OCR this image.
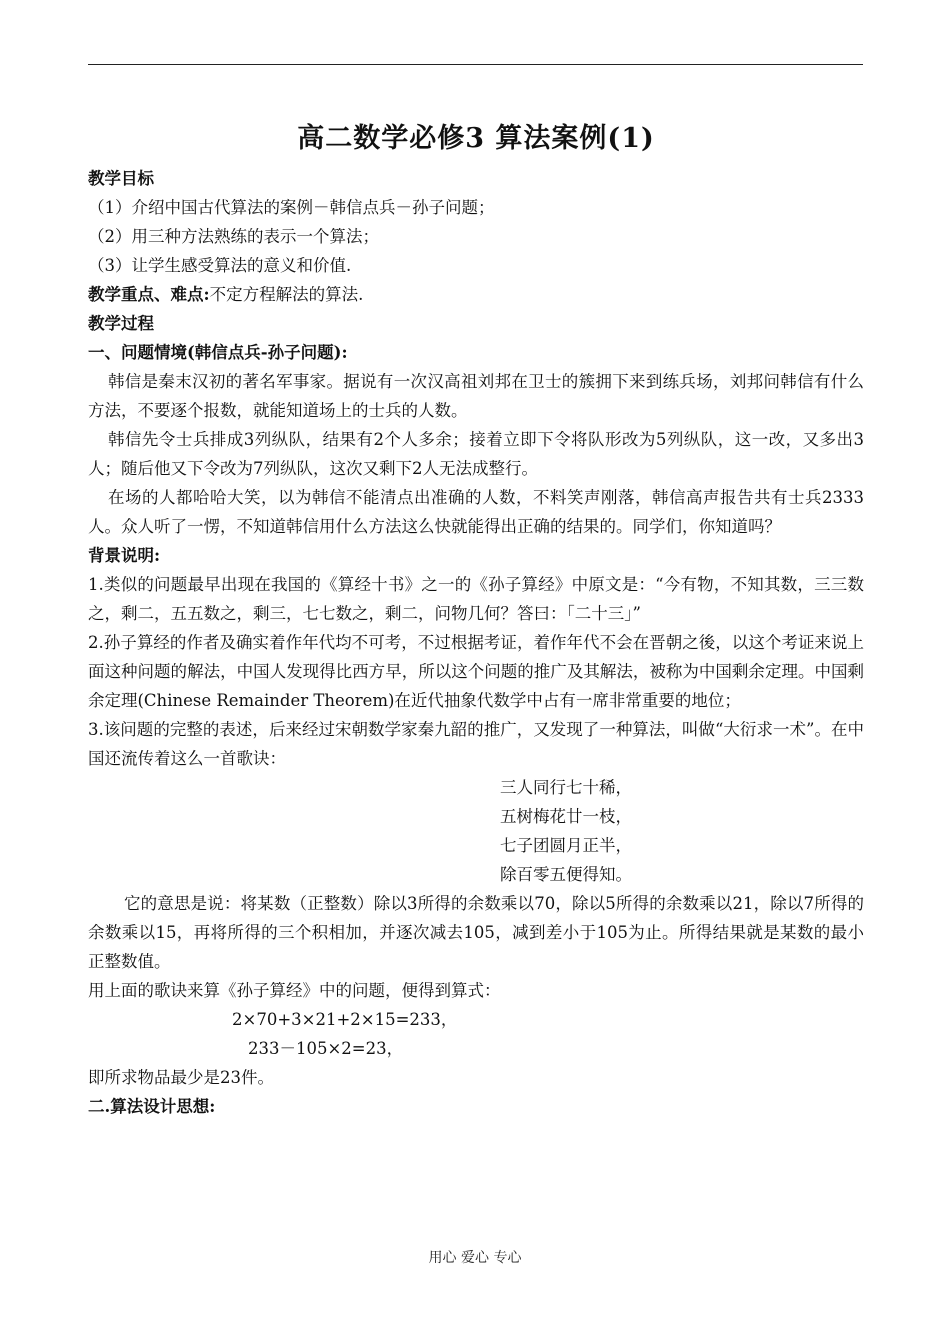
高二数学必修3 算法案例(1)

教学目标

（1）介绍中国古代算法的案例－韩信点兵－孙子问题；

（2）用三种方法熟练的表示一个算法；

（3）让学生感受算法的意义和价值.

教学重点、难点:不定方程解法的算法.

教学过程

一、问题情境(韩信点兵-孙子问题):

韩信是秦末汉初的著名军事家。据说有一次汉高祖刘邦在卫士的簇拥下来到练兵场，刘邦问韩信有什么方法，不要逐个报数，就能知道场上的士兵的人数。

韩信先令士兵排成3列纵队，结果有2个人多余；接着立即下令将队形改为5列纵队，这一改，又多出3人；随后他又下令改为7列纵队，这次又剩下2人无法成整行。

在场的人都哈哈大笑，以为韩信不能清点出准确的人数，不料笑声刚落，韩信高声报告共有士兵2333人。众人听了一愣，不知道韩信用什么方法这么快就能得出正确的结果的。同学们，你知道吗？

背景说明:

1.类似的问题最早出现在我国的《算经十书》之一的《孙子算经》中原文是：“今有物，不知其数，三三数之，剩二，五五数之，剩三，七七数之，剩二，问物几何？答曰：「二十三」”

2.孙子算经的作者及确实着作年代均不可考，不过根据考证，着作年代不会在晋朝之後，以这个考证来说上面这种问题的解法，中国人发现得比西方早，所以这个问题的推广及其解法，被称为中国剩余定理。中国剩余定理(Chinese Remainder Theorem)在近代抽象代数学中占有一席非常重要的地位；

3.该问题的完整的表述，后来经过宋朝数学家秦九韶的推广，又发现了一种算法，叫做“大衍求一术”。在中国还流传着这么一首歌诀：

三人同行七十稀，

五树梅花廿一枝，

七子团圆月正半，

除百零五便得知。

它的意思是说：将某数（正整数）除以3所得的余数乘以70，除以5所得的余数乘以21，除以7所得的余数乘以15，再将所得的三个积相加，并逐次减去105，减到差小于105为止。所得结果就是某数的最小正整数值。

用上面的歌诀来算《孙子算经》中的问题，便得到算式：

2×70+3×21+2×15=233，

233－105×2=23，

即所求物品最少是23件。

二.算法设计思想:

用心 爱心 专心
